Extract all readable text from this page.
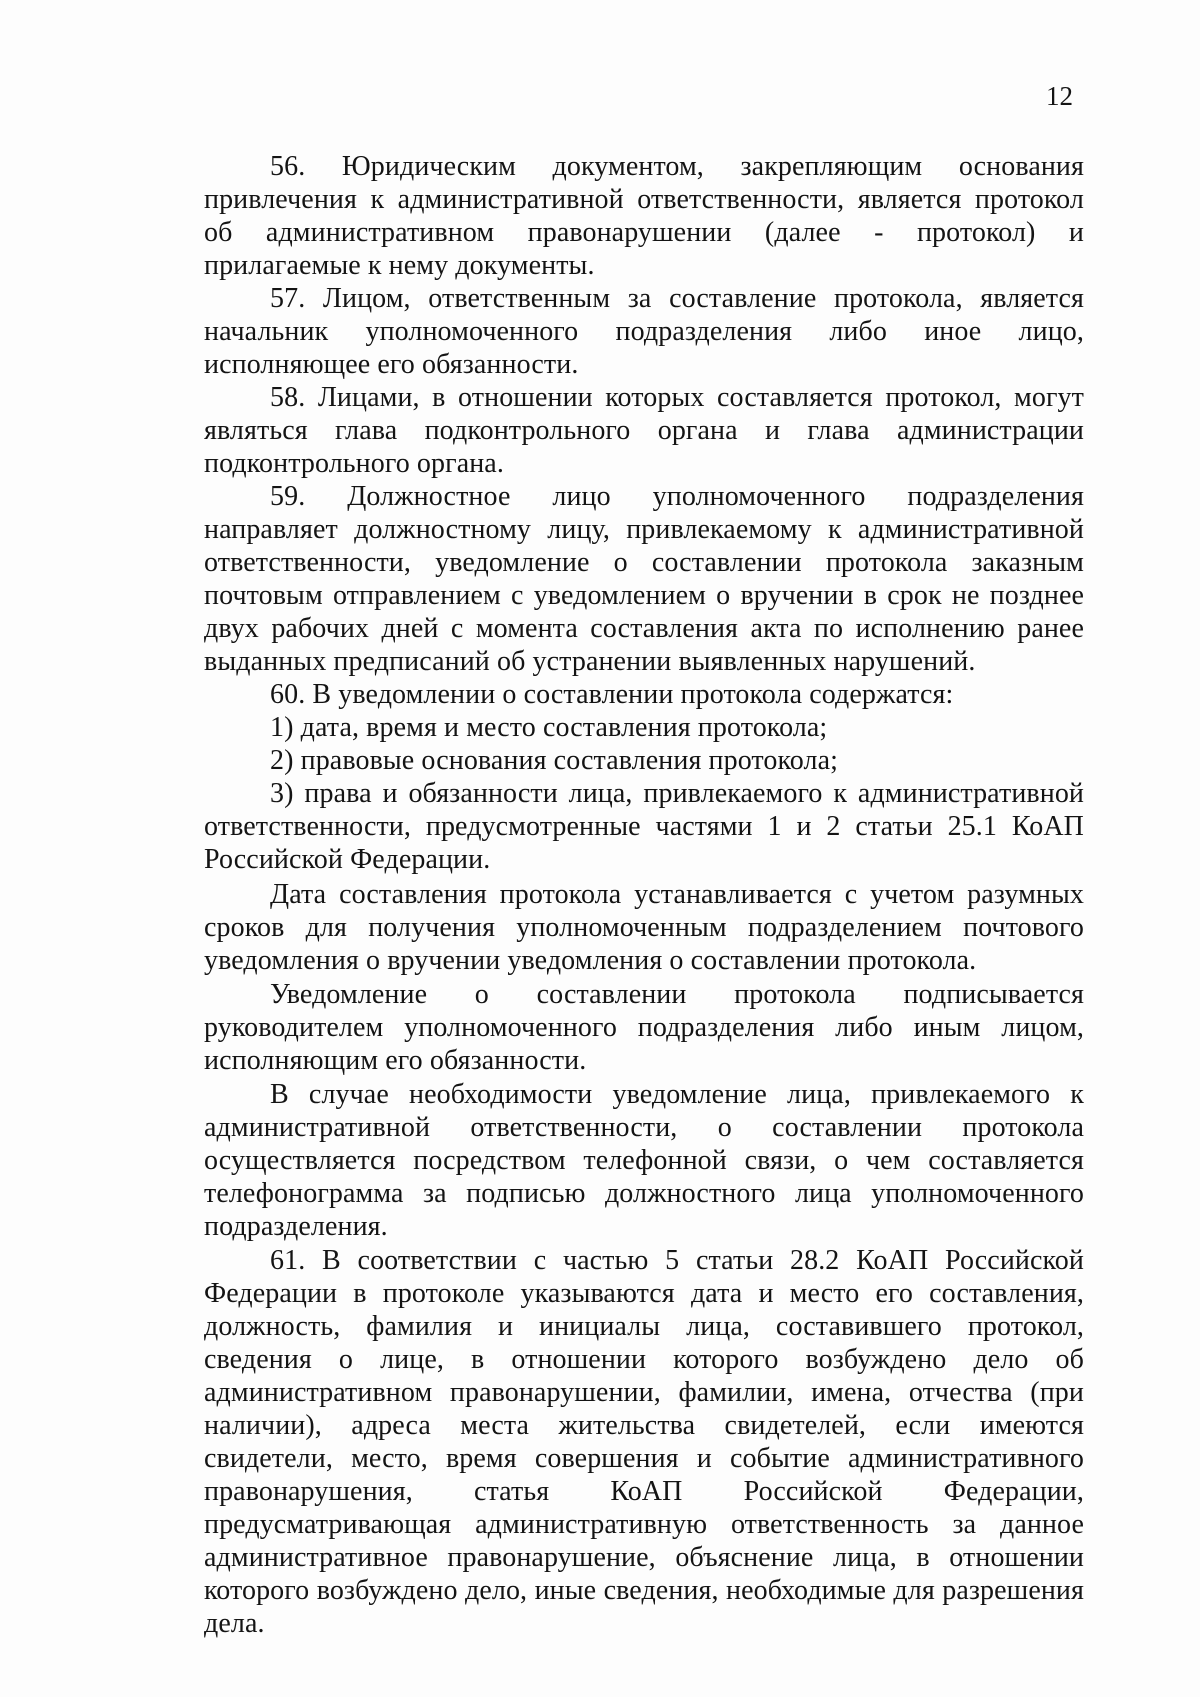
12

56. Юридическим документом, закрепляющим основания привлечения к административной ответственности, является протокол об административном правонарушении (далее - протокол) и прилагаемые к нему документы.

57. Лицом, ответственным за составление протокола, является начальник уполномоченного подразделения либо иное лицо, исполняющее его обязанности.

58. Лицами, в отношении которых составляется протокол, могут являться глава подконтрольного органа и глава администрации подконтрольного органа.

59. Должностное лицо уполномоченного подразделения направляет должностному лицу, привлекаемому к административной ответственности, уведомление о составлении протокола заказным почтовым отправлением с уведомлением о вручении в срок не позднее двух рабочих дней с момента составления акта по исполнению ранее выданных предписаний об устранении выявленных нарушений.

60. В уведомлении о составлении протокола содержатся:

1) дата, время и место составления протокола;

2) правовые основания составления протокола;

3) права и обязанности лица, привлекаемого к административной ответственности, предусмотренные частями 1 и 2 статьи 25.1 КоАП Российской Федерации.

Дата составления протокола устанавливается с учетом разумных сроков для получения уполномоченным подразделением почтового уведомления о вручении уведомления о составлении протокола.

Уведомление о составлении протокола подписывается руководителем уполномоченного подразделения либо иным лицом, исполняющим его обязанности.

В случае необходимости уведомление лица, привлекаемого к административной ответственности, о составлении протокола осуществляется посредством телефонной связи, о чем составляется телефонограмма за подписью должностного лица уполномоченного подразделения.

61. В соответствии с частью 5 статьи 28.2 КоАП Российской Федерации в протоколе указываются дата и место его составления, должность, фамилия и инициалы лица, составившего протокол, сведения о лице, в отношении которого возбуждено дело об административном правонарушении, фамилии, имена, отчества (при наличии), адреса места жительства свидетелей, если имеются свидетели, место, время совершения и событие административного правонарушения, статья КоАП Российской Федерации, предусматривающая административную ответственность за данное административное правонарушение, объяснение лица, в отношении которого возбуждено дело, иные сведения, необходимые для разрешения дела.
